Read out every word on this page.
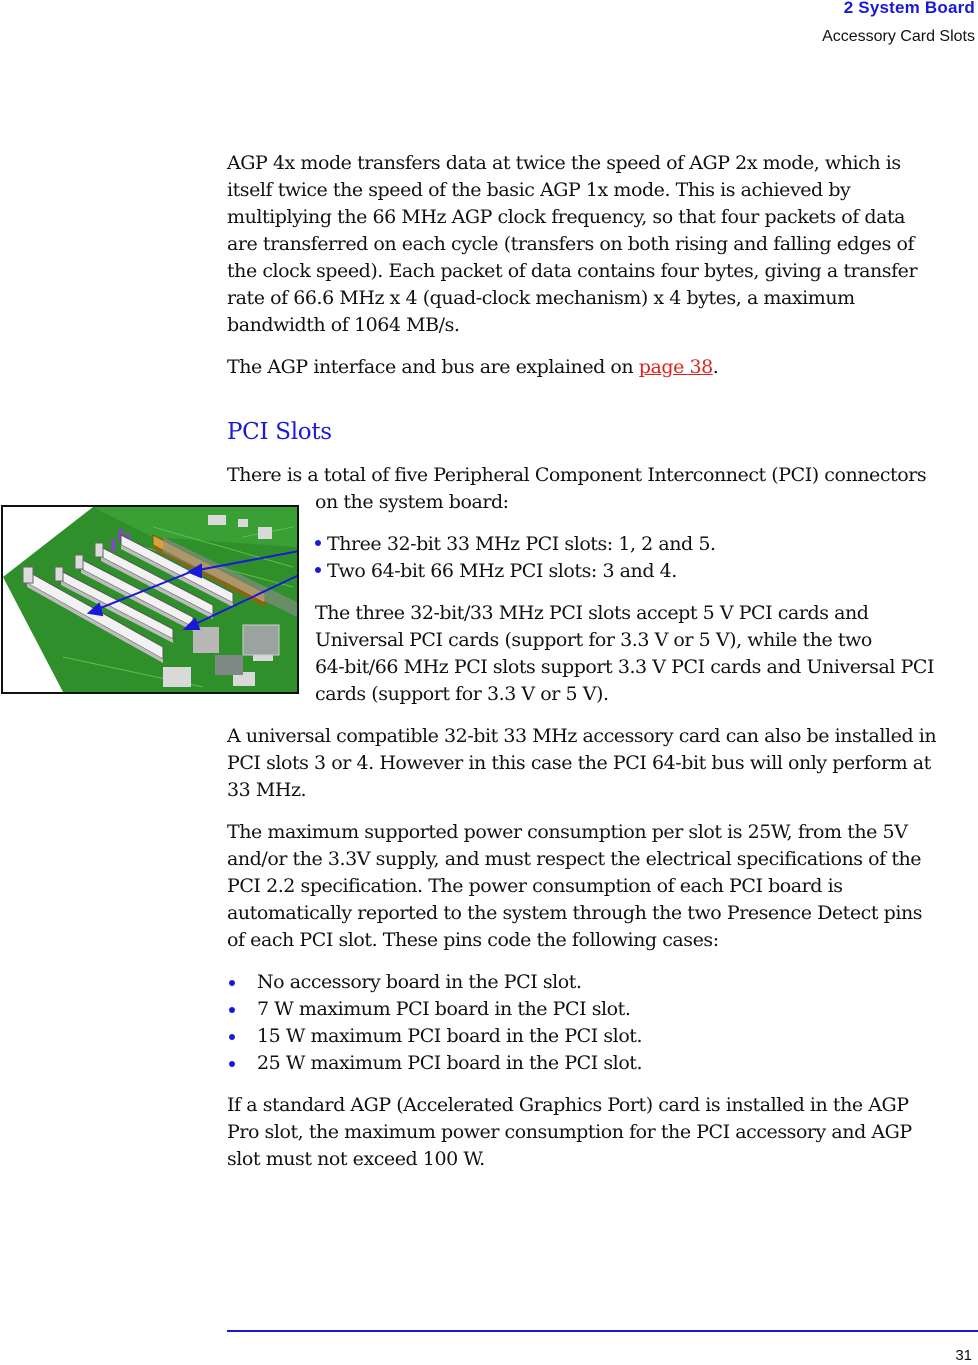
2 System Board
Accessory Card Slots

AGP 4x mode transfers data at twice the speed of AGP 2x mode, which is

itself twice the speed of the basic AGP 1x mode. This is achieved by

multiplying the 66 MHz AGP clock frequency, so that four packets of data

are transferred on each cycle (transfers on both rising and falling edges of

the clock speed). Each packet of data contains four bytes, giving a transfer

rate of 66.6 MHz x 4 (quad-clock mechanism) x 4 bytes, a maximum

bandwidth of 1064 MB/s.

The AGP interface and bus are explained on page 38.

PCI Slots

There is a total of five Peripheral Component Interconnect (PCI) connectors

on the system board:

Three 32-bit 33 MHz PCI slots: 1, 2 and 5.

Two 64-bit 66 MHz PCI slots: 3 and 4.

The three 32-bit/33 MHz PCI slots accept 5 V PCI cards and

Universal PCI cards (support for 3.3 V or 5 V), while the two

64-bit/66 MHz PCI slots support 3.3 V PCI cards and Universal PCI

cards (support for 3.3 V or 5 V).

A universal compatible 32-bit 33 MHz accessory card can also be installed in

PCI slots 3 or 4. However in this case the PCI 64-bit bus will only perform at

33 MHz.

The maximum supported power consumption per slot is 25W, from the 5V

and/or the 3.3V supply, and must respect the electrical specifications of the

PCI 2.2 specification. The power consumption of each PCI board is

automatically reported to the system through the two Presence Detect pins

of each PCI slot. These pins code the following cases:

No accessory board in the PCI slot.
7 W maximum PCI board in the PCI slot.
15 W maximum PCI board in the PCI slot.
25 W maximum PCI board in the PCI slot.

If a standard AGP (Accelerated Graphics Port) card is installed in the AGP

Pro slot, the maximum power consumption for the PCI accessory and AGP

slot must not exceed 100 W.

31
